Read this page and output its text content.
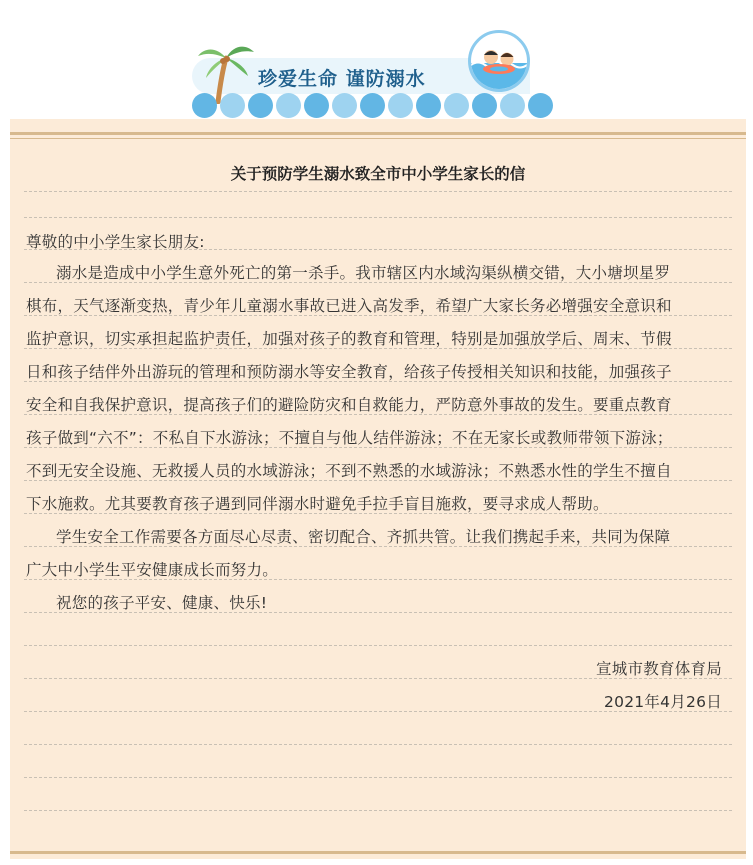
珍爱生命 谨防溺水
关于预防学生溺水致全市中小学生家长的信
尊敬的中小学生家长朋友:
溺水是造成中小学生意外死亡的第一杀手。我市辖区内水域沟渠纵横交错，大小塘坝星罗
棋布，天气逐渐变热，青少年儿童溺水事故已进入高发季，希望广大家长务必增强安全意识和
监护意识，切实承担起监护责任，加强对孩子的教育和管理，特别是加强放学后、周末、节假
日和孩子结伴外出游玩的管理和预防溺水等安全教育，给孩子传授相关知识和技能，加强孩子
安全和自我保护意识，提高孩子们的避险防灾和自救能力，严防意外事故的发生。要重点教育
孩子做到“六不”：不私自下水游泳；不擅自与他人结伴游泳；不在无家长或教师带领下游泳；
不到无安全设施、无救援人员的水域游泳；不到不熟悉的水域游泳；不熟悉水性的学生不擅自
下水施救。尤其要教育孩子遇到同伴溺水时避免手拉手盲目施救，要寻求成人帮助。
学生安全工作需要各方面尽心尽责、密切配合、齐抓共管。让我们携起手来，共同为保障
广大中小学生平安健康成长而努力。
祝您的孩子平安、健康、快乐!
宣城市教育体育局
2021年4月26日
